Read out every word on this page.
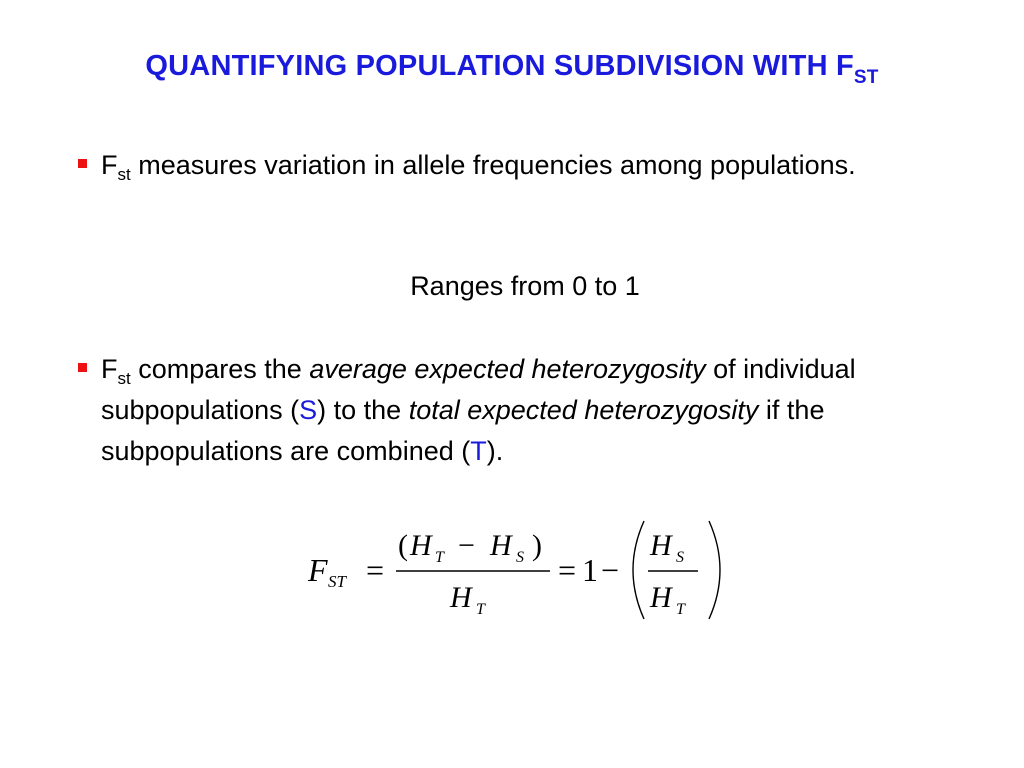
QUANTIFYING POPULATION SUBDIVISION WITH $F_{ST}$
$F_{st}$ measures variation in allele frequencies among populations.
Ranges from 0 to 1
$F_{st}$ compares the average expected heterozygosity of individual subpopulations (S) to the total expected heterozygosity if the subpopulations are combined (T).
F ST =
( H T − H S )
H T
= 1 −
H S
H T
